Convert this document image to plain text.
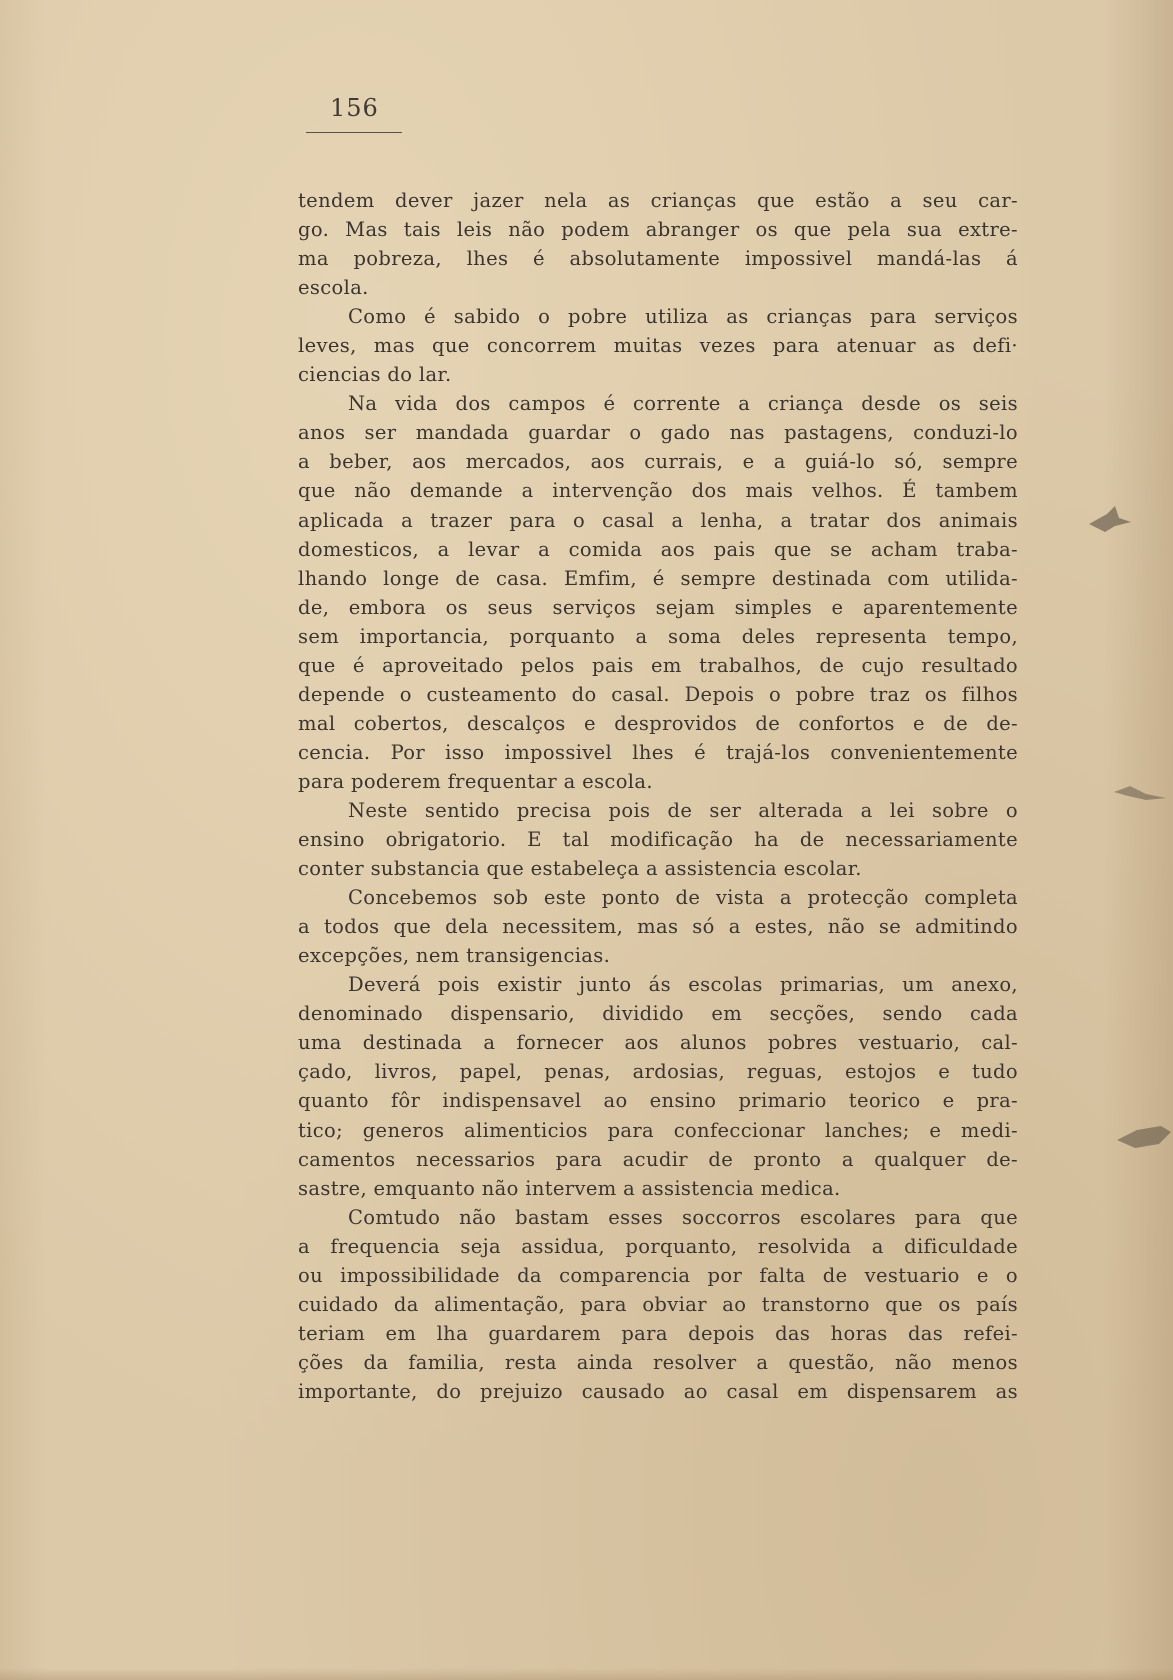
156
tendem dever jazer nela as crianças que estão a seu car-
go. Mas tais leis não podem abranger os que pela sua extre-
ma pobreza, lhes é absolutamente impossivel mandá-las á
escola.
Como é sabido o pobre utiliza as crianças para serviços
leves, mas que concorrem muitas vezes para atenuar as defi·
ciencias do lar.
Na vida dos campos é corrente a criança desde os seis
anos ser mandada guardar o gado nas pastagens, conduzi-lo
a beber, aos mercados, aos currais, e a guiá-lo só, sempre
que não demande a intervenção dos mais velhos. É tambem
aplicada a trazer para o casal a lenha, a tratar dos animais
domesticos, a levar a comida aos pais que se acham traba-
lhando longe de casa. Emfim, é sempre destinada com utilida-
de, embora os seus serviços sejam simples e aparentemente
sem importancia, porquanto a soma deles representa tempo,
que é aproveitado pelos pais em trabalhos, de cujo resultado
depende o custeamento do casal. Depois o pobre traz os filhos
mal cobertos, descalços e desprovidos de confortos e de de-
cencia. Por isso impossivel lhes é trajá-los convenientemente
para poderem frequentar a escola.
Neste sentido precisa pois de ser alterada a lei sobre o
ensino obrigatorio. E tal modificação ha de necessariamente
conter substancia que estabeleça a assistencia escolar.
Concebemos sob este ponto de vista a protecção completa
a todos que dela necessitem, mas só a estes, não se admitindo
excepções, nem transigencias.
Deverá pois existir junto ás escolas primarias, um anexo,
denominado dispensario, dividido em secções, sendo cada
uma destinada a fornecer aos alunos pobres vestuario, cal-
çado, livros, papel, penas, ardosias, reguas, estojos e tudo
quanto fôr indispensavel ao ensino primario teorico e pra-
tico; generos alimenticios para confeccionar lanches; e medi-
camentos necessarios para acudir de pronto a qualquer de-
sastre, emquanto não intervem a assistencia medica.
Comtudo não bastam esses soccorros escolares para que
a frequencia seja assidua, porquanto, resolvida a dificuldade
ou impossibilidade da comparencia por falta de vestuario e o
cuidado da alimentação, para obviar ao transtorno que os país
teriam em lha guardarem para depois das horas das refei-
ções da familia, resta ainda resolver a questão, não menos
importante, do prejuizo causado ao casal em dispensarem as
